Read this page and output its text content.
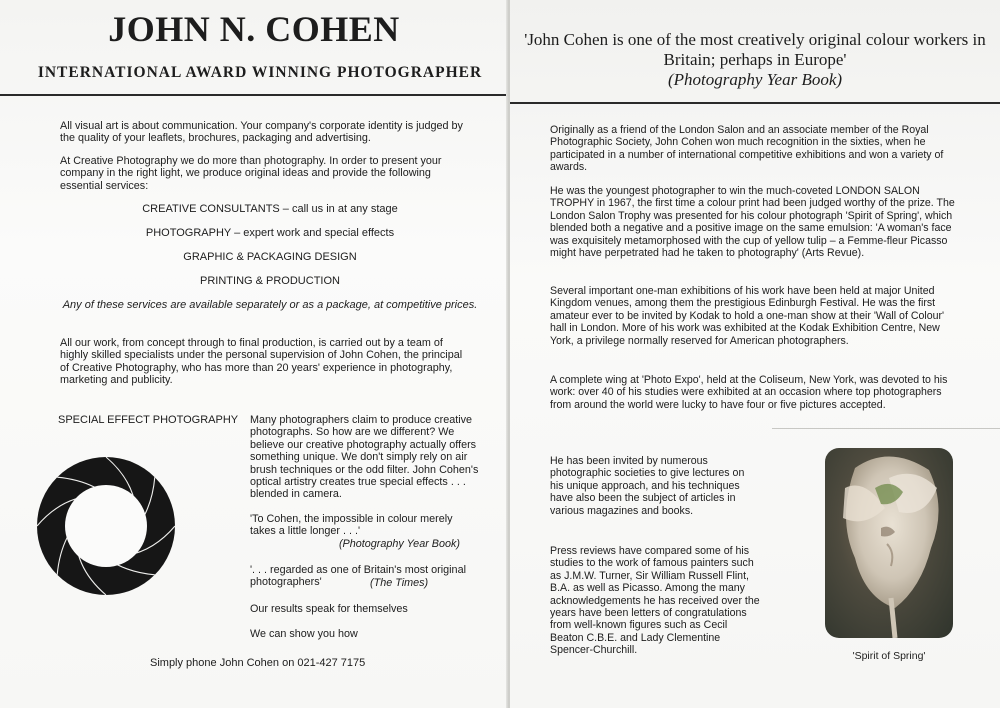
JOHN N. COHEN
INTERNATIONAL AWARD WINNING PHOTOGRAPHER

All visual art is about communication. Your company's corporate identity is judged by the quality of your leaflets, brochures, packaging and advertising.

At Creative Photography we do more than photography. In order to present your company in the right light, we produce original ideas and provide the following essential services:

CREATIVE CONSULTANTS – call us in at any stage

PHOTOGRAPHY – expert work and special effects

GRAPHIC & PACKAGING DESIGN

PRINTING & PRODUCTION

Any of these services are available separately or as a package, at competitive prices.

All our work, from concept through to final production, is carried out by a team of highly skilled specialists under the personal supervision of John Cohen, the principal of Creative Photography, who has more than 20 years' experience in photography, marketing and publicity.

SPECIAL EFFECT PHOTOGRAPHY Many photographers claim to produce creative photographs. So how are we different? We believe our creative photography actually offers something unique. We don't simply rely on air brush techniques or the odd filter. John Cohen's optical artistry creates true special effects . . . blended in camera.

'To Cohen, the impossible in colour merely takes a little longer . . .'

(Photography Year Book)

'. . . regarded as one of Britain's most original photographers'	(The Times)

Our results speak for themselves

We can show you how

Simply phone John Cohen on 021-427 7175

'John Cohen is one of the most creatively original colour workers in Britain; perhaps in Europe'
(Photography Year Book)

Originally as a friend of the London Salon and an associate member of the Royal Photographic Society, John Cohen won much recognition in the sixties, when he participated in a number of international competitive exhibitions and won a variety of awards.

He was the youngest photographer to win the much-coveted LONDON SALON TROPHY in 1967, the first time a colour print had been judged worthy of the prize. The London Salon Trophy was presented for his colour photograph 'Spirit of Spring', which blended both a negative and a positive image on the same emulsion: 'A woman's face was exquisitely metamorphosed with the cup of yellow tulip – a Femme-fleur Picasso might have perpetrated had he taken to photography' (Arts Revue).

Several important one-man exhibitions of his work have been held at major United Kingdom venues, among them the prestigious Edinburgh Festival. He was the first amateur ever to be invited by Kodak to hold a one-man show at their 'Wall of Colour' hall in London. More of his work was exhibited at the Kodak Exhibition Centre, New York, a privilege normally reserved for American photographers.

A complete wing at 'Photo Expo', held at the Coliseum, New York, was devoted to his work: over 40 of his studies were exhibited at an occasion where top photographers from around the world were lucky to have four or five pictures accepted.

He has been invited by numerous photographic societies to give lectures on his unique approach, and his techniques have also been the subject of articles in various magazines and books.

Press reviews have compared some of his studies to the work of famous painters such as J.M.W. Turner, Sir William Russell Flint, B.A. as well as Picasso. Among the many acknowledgements he has received over the years have been letters of congratulations from well-known figures such as Cecil Beaton C.B.E. and Lady Clementine Spencer-Churchill.	'Spirit of Spring'
